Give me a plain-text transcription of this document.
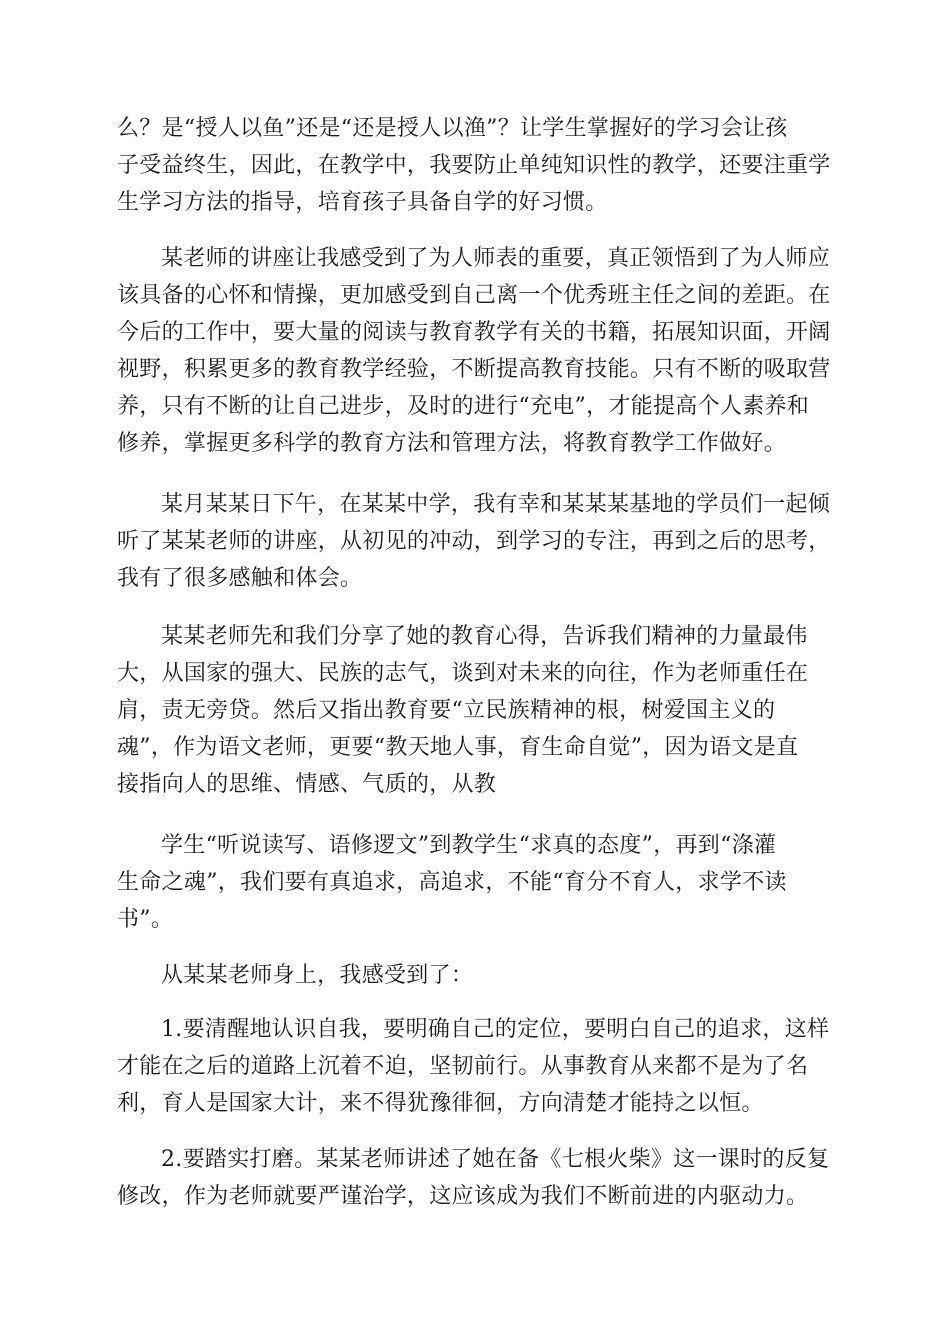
么？是“授人以鱼”还是“还是授人以渔”？让学生掌握好的学习会让孩
子受益终生，因此，在教学中，我要防止单纯知识性的教学，还要注重学
生学习方法的指导，培育孩子具备自学的好习惯。

某老师的讲座让我感受到了为人师表的重要，真正领悟到了为人师应
该具备的心怀和情操，更加感受到自己离一个优秀班主任之间的差距。在
今后的工作中，要大量的阅读与教育教学有关的书籍，拓展知识面，开阔
视野，积累更多的教育教学经验，不断提高教育技能。只有不断的吸取营
养，只有不断的让自己进步，及时的进行“充电”，才能提高个人素养和
修养，掌握更多科学的教育方法和管理方法，将教育教学工作做好。

某月某某日下午，在某某中学，我有幸和某某某基地的学员们一起倾
听了某某老师的讲座，从初见的冲动，到学习的专注，再到之后的思考，
我有了很多感触和体会。

某某老师先和我们分享了她的教育心得，告诉我们精神的力量最伟
大，从国家的强大、民族的志气，谈到对未来的向往，作为老师重任在
肩，责无旁贷。然后又指出教育要“立民族精神的根，树爱国主义的
魂”，作为语文老师，更要“教天地人事，育生命自觉”，因为语文是直
接指向人的思维、情感、气质的，从教

学生“听说读写、语修逻文”到教学生“求真的态度”，再到“涤灌
生命之魂”，我们要有真追求，高追求，不能“育分不育人，求学不读
书”。

从某某老师身上，我感受到了：

1.要清醒地认识自我，要明确自己的定位，要明白自己的追求，这样
才能在之后的道路上沉着不迫，坚韧前行。从事教育从来都不是为了名
利，育人是国家大计，来不得犹豫徘徊，方向清楚才能持之以恒。

2.要踏实打磨。某某老师讲述了她在备《七根火柴》这一课时的反复
修改，作为老师就要严谨治学，这应该成为我们不断前进的内驱动力。
